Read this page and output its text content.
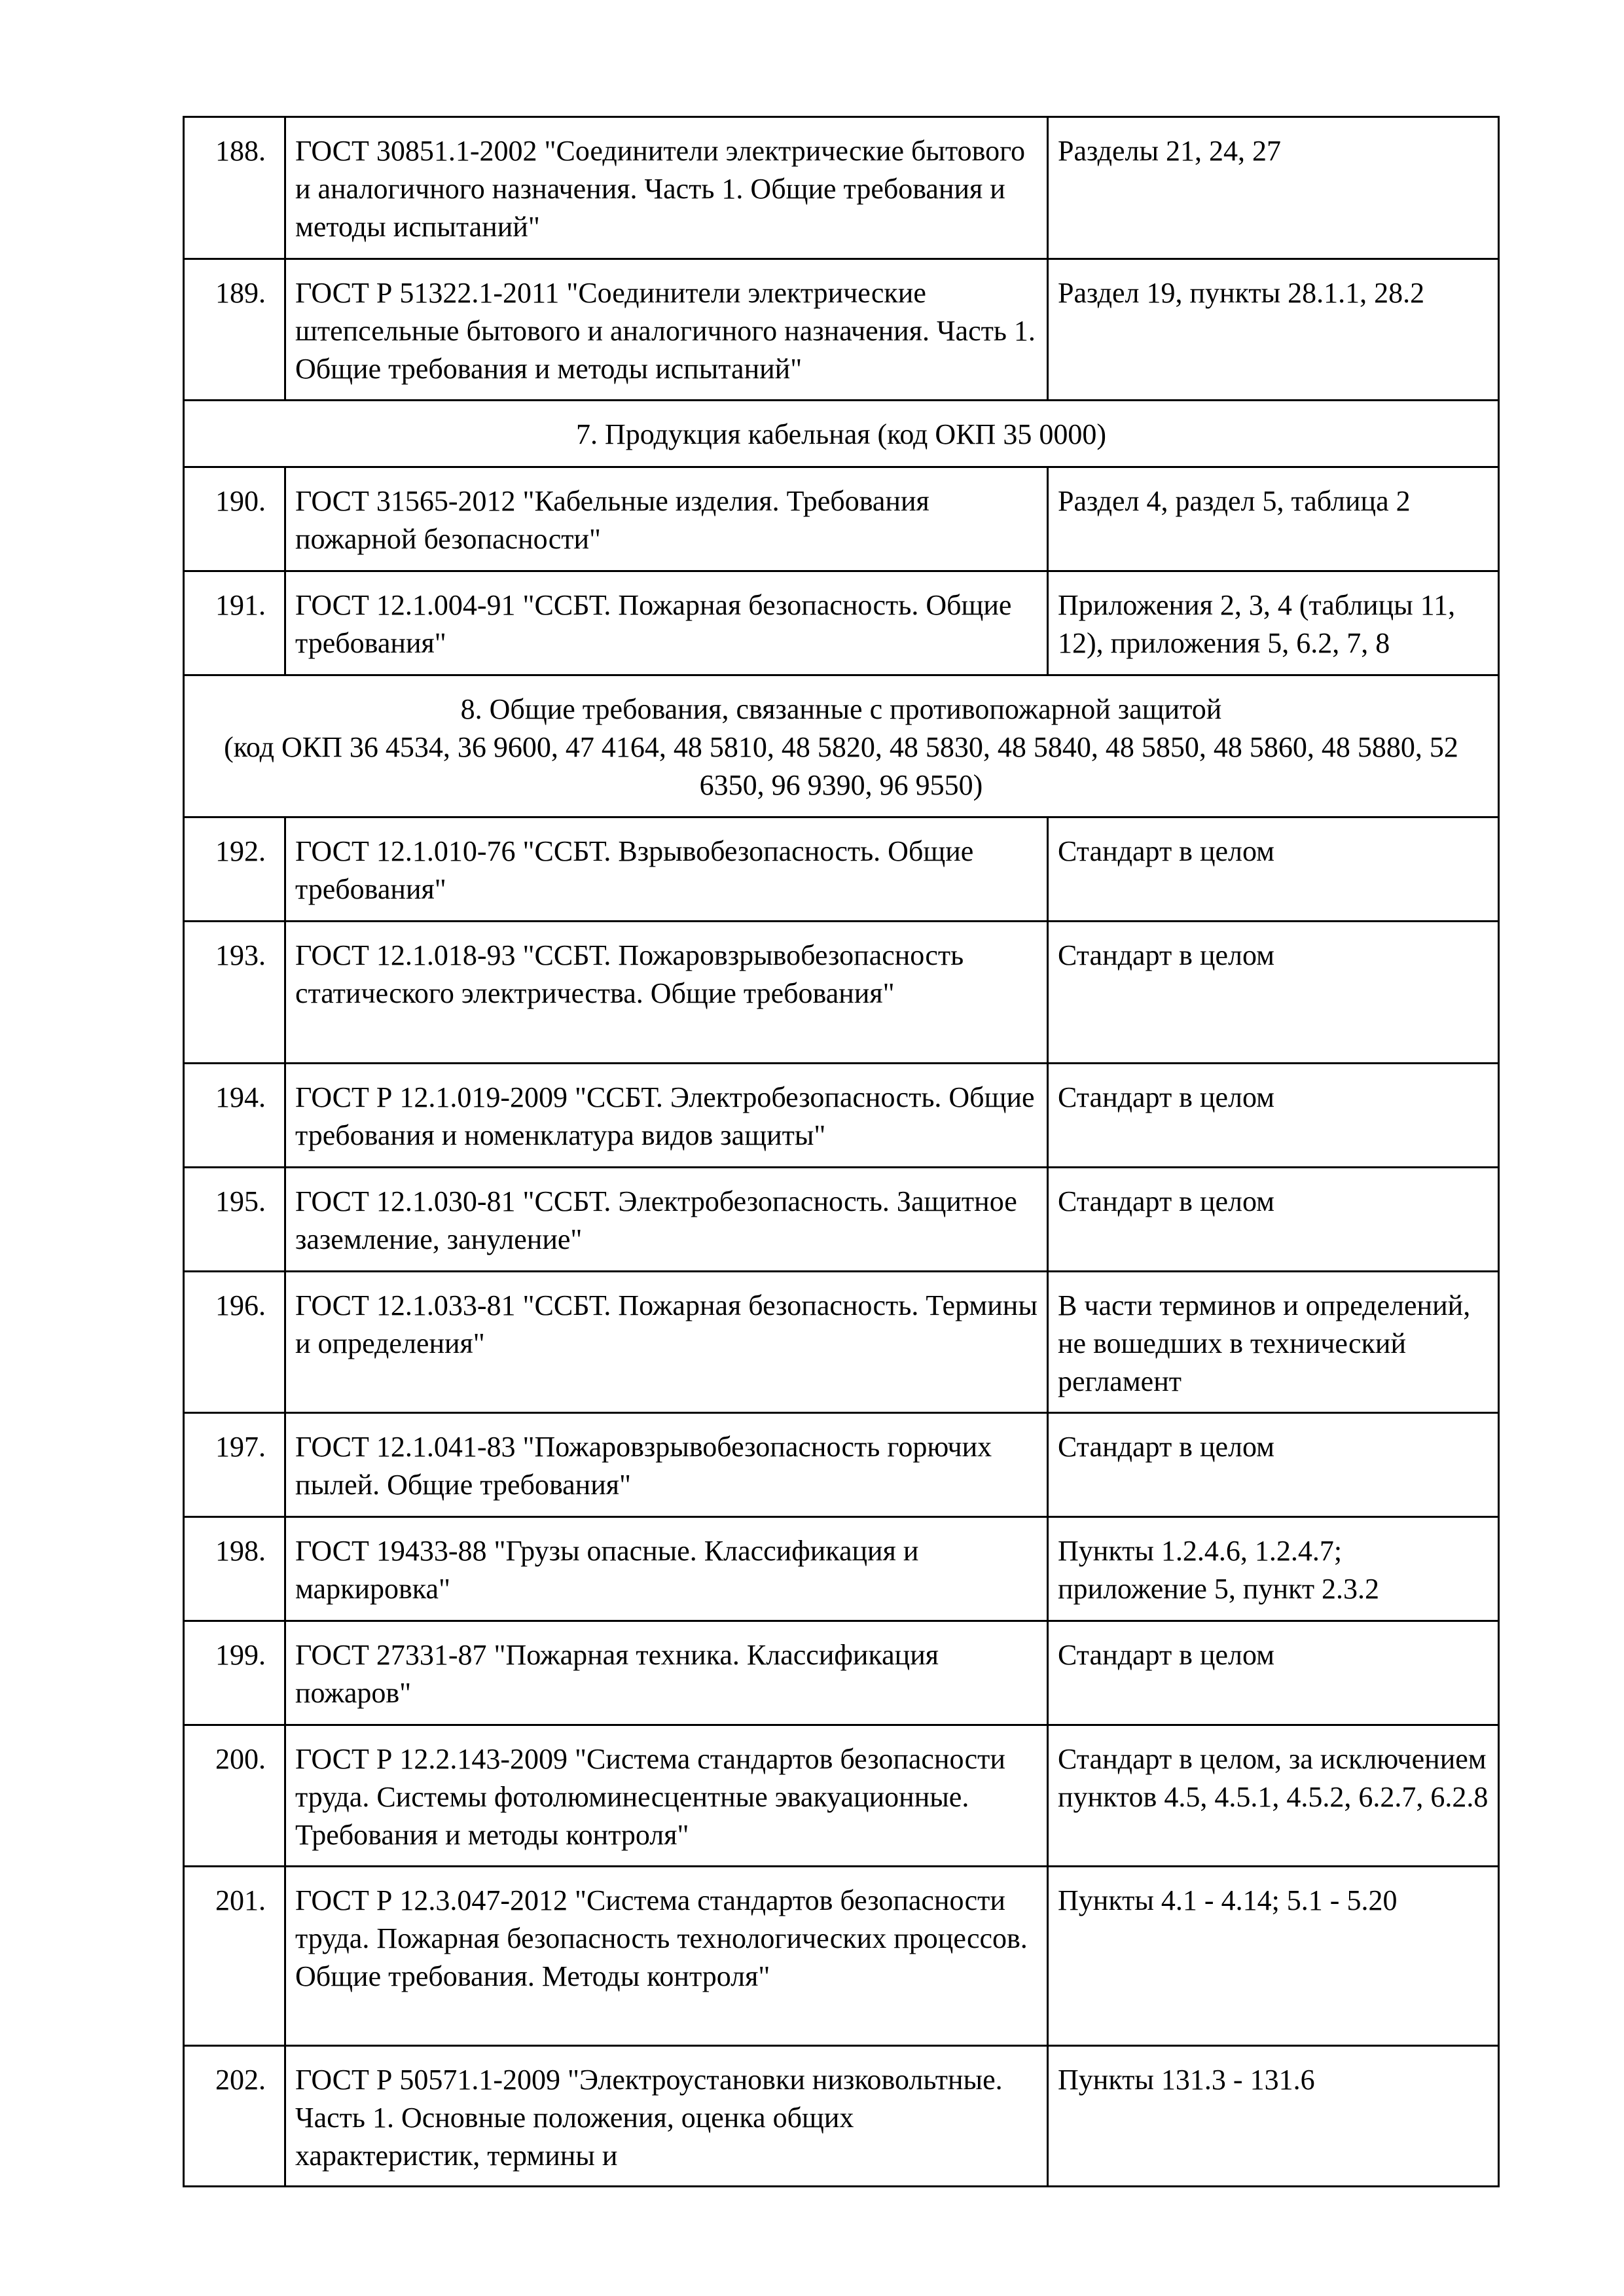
188.	ГОСТ 30851.1-2002 "Соединители электрические бытового и аналогичного назначения. Часть 1. Общие требования и методы испытаний"	Разделы 21, 24, 27
189.	ГОСТ Р 51322.1-2011 "Соединители электрические штепсельные бытового и аналогичного назначения. Часть 1. Общие требования и методы испытаний"	Раздел 19, пункты 28.1.1, 28.2

7. Продукция кабельная (код ОКП 35 0000)		

190.	ГОСТ 31565-2012 "Кабельные изделия. Требования пожарной безопасности"	Раздел 4, раздел 5, таблица 2
191.	ГОСТ 12.1.004-91 "ССБТ. Пожарная безопасность. Общие требования"	Приложения 2, 3, 4 (таблицы 11, 12), приложения 5, 6.2, 7, 8

8. Общие требования, связанные с противопожарной защитой
(код ОКП 36 4534, 36 9600, 47 4164, 48 5810, 48 5820, 48 5830, 48 5840, 48 5850, 48 5860, 48 5880, 52 6350, 96 9390, 96 9550)		

192.	ГОСТ 12.1.010-76 "ССБТ. Взрывобезопасность. Общие требования"	Стандарт в целом
193.	ГОСТ 12.1.018-93 "ССБТ. Пожаровзрывобезопасность статического электричества. Общие требования"	Стандарт в целом
194.	ГОСТ Р 12.1.019-2009 "ССБТ. Электробезопасность. Общие требования и номенклатура видов защиты"	Стандарт в целом
195.	ГОСТ 12.1.030-81 "ССБТ. Электробезопасность. Защитное заземление, зануление"	Стандарт в целом
196.	ГОСТ 12.1.033-81 "ССБТ. Пожарная безопасность. Термины и определения"	В части терминов и определений, не вошедших в технический регламент
197.	ГОСТ 12.1.041-83 "Пожаровзрывобезопасность горючих пылей. Общие требования"	Стандарт в целом
198.	ГОСТ 19433-88 "Грузы опасные. Классификация и маркировка"	Пункты 1.2.4.6, 1.2.4.7; приложение 5, пункт 2.3.2
199.	ГОСТ 27331-87 "Пожарная техника. Классификация пожаров"	Стандарт в целом
200.	ГОСТ Р 12.2.143-2009 "Система стандартов безопасности труда. Системы фотолюминесцентные эвакуационные. Требования и методы контроля"	Стандарт в целом, за исключением пунктов 4.5, 4.5.1, 4.5.2, 6.2.7, 6.2.8
201.	ГОСТ Р 12.3.047-2012 "Система стандартов безопасности труда. Пожарная безопасность технологических процессов. Общие требования. Методы контроля"	Пункты 4.1 - 4.14; 5.1 - 5.20
202.	ГОСТ Р 50571.1-2009 "Электроустановки низковольтные. Часть 1. Основные положения, оценка общих характеристик, термины и	Пункты 131.3 - 131.6
